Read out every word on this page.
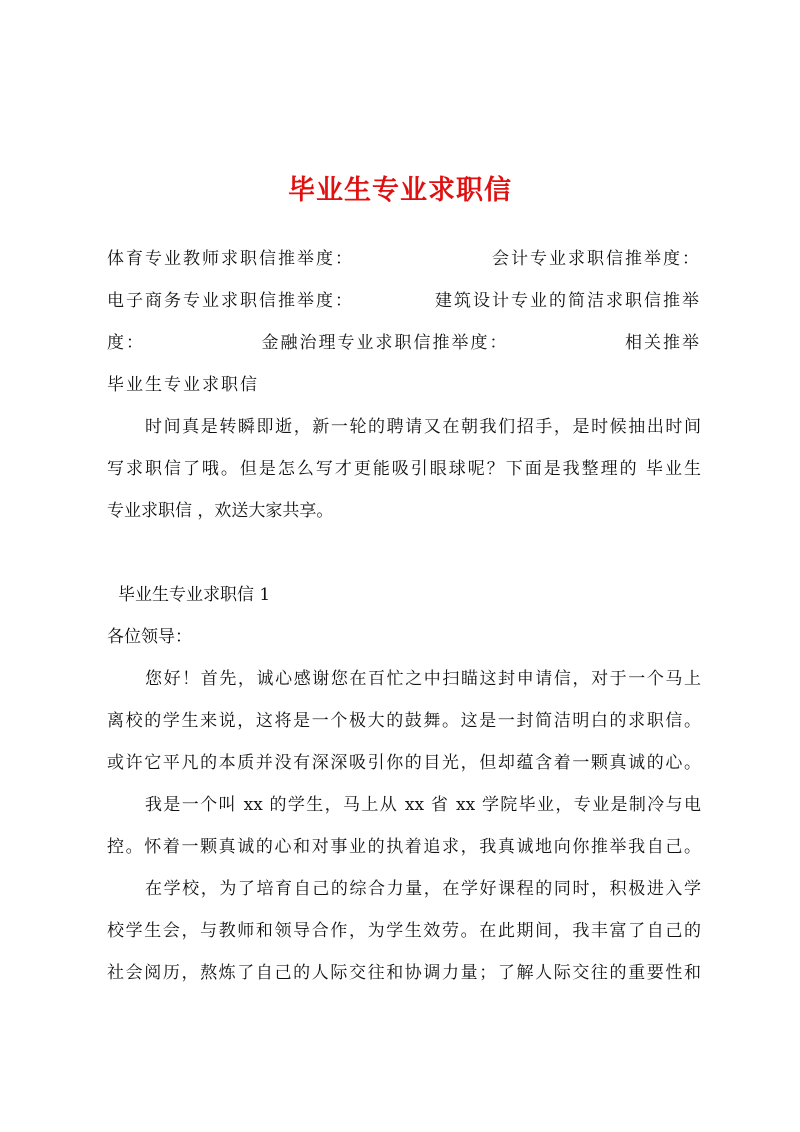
毕业生专业求职信
体育专业教师求职信推举度：	会计专业求职信推举度：
电子商务专业求职信推举度：	建筑设计专业的简洁求职信推举
度：	金融治理专业求职信推举度：	相关推举
毕业生专业求职信
时间真是转瞬即逝，新一轮的聘请又在朝我们招手，是时候抽出时间
写求职信了哦。但是怎么写才更能吸引眼球呢？下面是我整理的 毕业生
专业求职信 ，欢送大家共享。
毕业生专业求职信 1
各位领导：
您好！首先，诚心感谢您在百忙之中扫瞄这封申请信，对于一个马上
离校的学生来说，这将是一个极大的鼓舞。这是一封简洁明白的求职信。
或许它平凡的本质并没有深深吸引你的目光，但却蕴含着一颗真诚的心。
我是一个叫 xx 的学生，马上从 xx 省 xx 学院毕业，专业是制冷与电
控。怀着一颗真诚的心和对事业的执着追求，我真诚地向你推举我自己。
在学校，为了培育自己的综合力量，在学好课程的同时，积极进入学
校学生会，与教师和领导合作，为学生效劳。在此期间，我丰富了自己的
社会阅历，熬炼了自己的人际交往和协调力量；了解人际交往的重要性和
